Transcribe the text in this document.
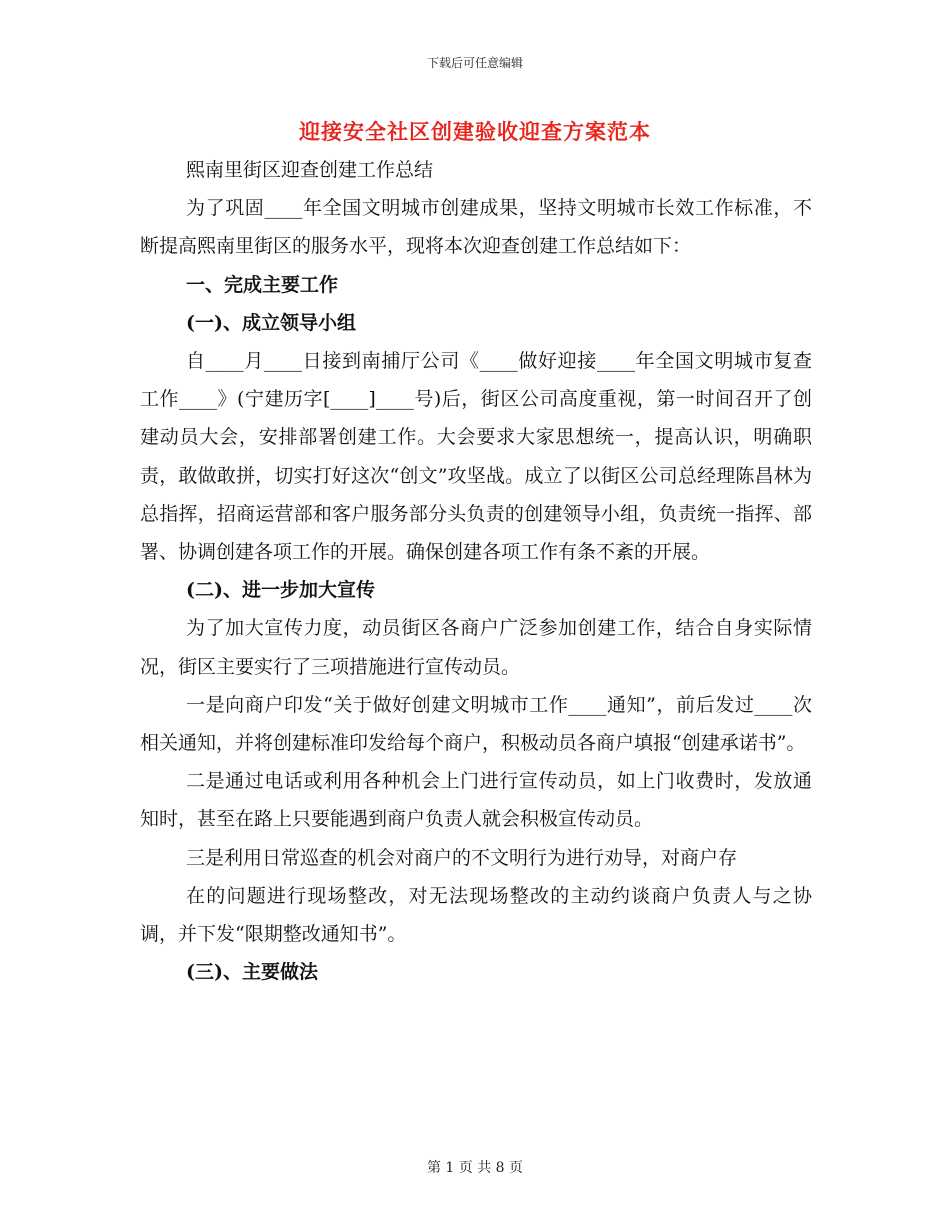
下载后可任意编辑
迎接安全社区创建验收迎查方案范本

熙南里街区迎查创建工作总结

为了巩固____年全国文明城市创建成果，坚持文明城市长效工作标准，不断提高熙南里街区的服务水平，现将本次迎查创建工作总结如下：

一、完成主要工作

(一)、成立领导小组

自____月____日接到南捕厅公司《____做好迎接____年全国文明城市复查工作____》(宁建历字[____]____号)后，街区公司高度重视，第一时间召开了创建动员大会，安排部署创建工作。大会要求大家思想统一，提高认识，明确职责，敢做敢拼，切实打好这次“创文”攻坚战。成立了以街区公司总经理陈昌林为总指挥，招商运营部和客户服务部分头负责的创建领导小组，负责统一指挥、部署、协调创建各项工作的开展。确保创建各项工作有条不紊的开展。

(二)、进一步加大宣传

为了加大宣传力度，动员街区各商户广泛参加创建工作，结合自身实际情况，街区主要实行了三项措施进行宣传动员。

一是向商户印发“关于做好创建文明城市工作____通知”，前后发过____次相关通知，并将创建标准印发给每个商户，积极动员各商户填报“创建承诺书”。

二是通过电话或利用各种机会上门进行宣传动员，如上门收费时，发放通知时，甚至在路上只要能遇到商户负责人就会积极宣传动员。

三是利用日常巡查的机会对商户的不文明行为进行劝导，对商户存

在的问题进行现场整改，对无法现场整改的主动约谈商户负责人与之协调，并下发“限期整改通知书”。

(三)、主要做法

第 1 页 共 8 页
